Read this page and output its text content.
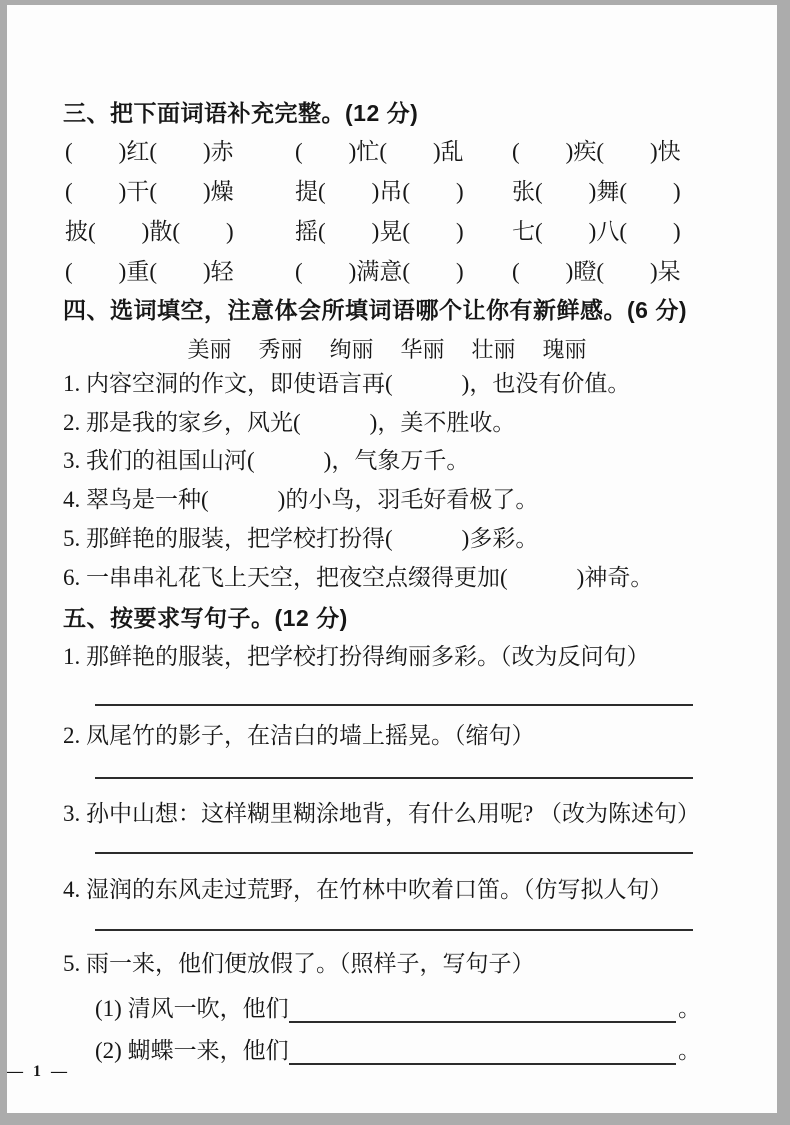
三、把下面词语补充完整。(12 分)
(　　)红(　　)赤	(　　)忙(　　)乱	(　　)疾(　　)快
(　　)干(　　)燥	提(　　)吊(　　)	张(　　)舞(　　)
披(　　)散(　　)	摇(　　)晃(　　)	七(　　)八(　　)
(　　)重(　　)轻	(　　)满意(　　)	(　　)瞪(　　)呆
四、选词填空，注意体会所填词语哪个让你有新鲜感。(6 分)
美丽 秀丽 绚丽 华丽 壮丽 瑰丽
1. 内容空洞的作文，即使语言再(　　　)，也没有价值。
2. 那是我的家乡，风光(　　　)，美不胜收。
3. 我们的祖国山河(　　　)，气象万千。
4. 翠鸟是一种(　　　)的小鸟，羽毛好看极了。
5. 那鲜艳的服装，把学校打扮得(　　　)多彩。
6. 一串串礼花飞上天空，把夜空点缀得更加(　　　)神奇。
五、按要求写句子。(12 分)
1. 那鲜艳的服装，把学校打扮得绚丽多彩。（改为反问句）
2. 凤尾竹的影子，在洁白的墙上摇晃。（缩句）
3. 孙中山想：这样糊里糊涂地背，有什么用呢? （改为陈述句）
4. 湿润的东风走过荒野，在竹林中吹着口笛。（仿写拟人句）
5. 雨一来，他们便放假了。（照样子，写句子）
(1) 清风一吹，他们	。
(2) 蝴蝶一来，他们	。
— 1 —
